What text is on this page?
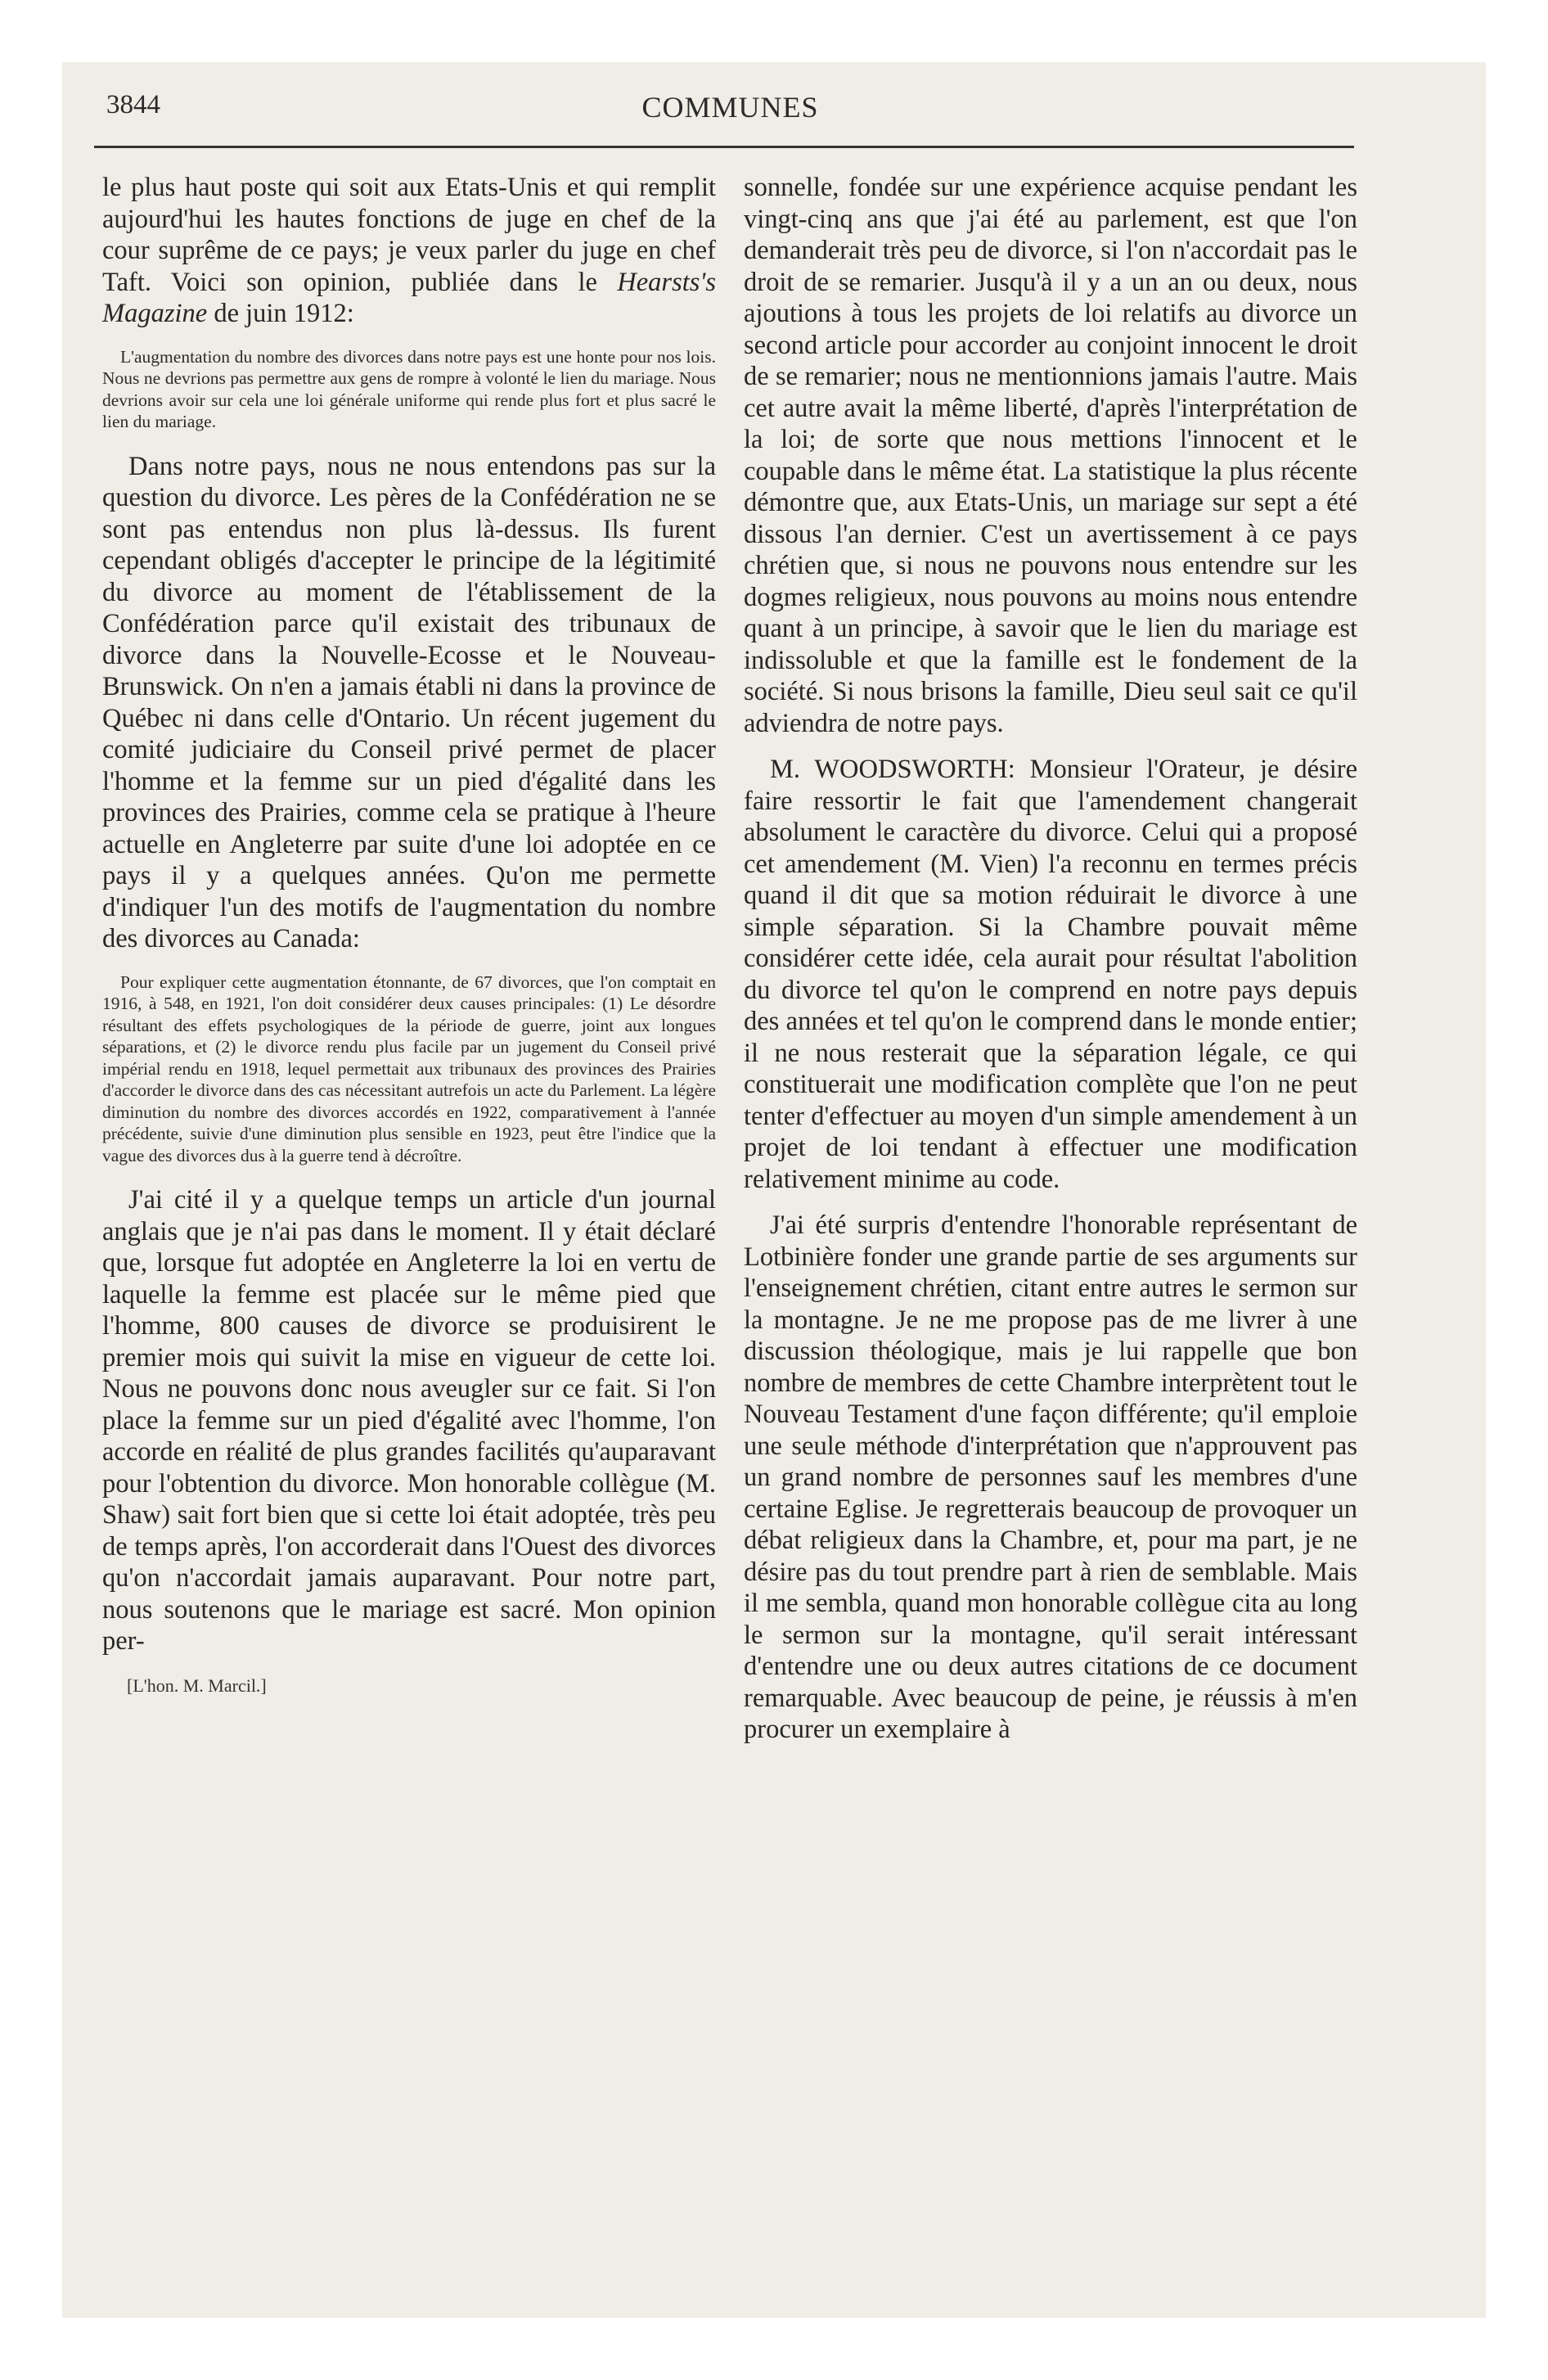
3844	COMMUNES

le plus haut poste qui soit aux Etats-Unis et qui remplit aujourd'hui les hautes fonctions de juge en chef de la cour suprême de ce pays; je veux parler du juge en chef Taft. Voici son opinion, publiée dans le Hearsts's Magazine de juin 1912:

L'augmentation du nombre des divorces dans notre pays est une honte pour nos lois. Nous ne devrions pas permettre aux gens de rompre à volonté le lien du mariage. Nous devrions avoir sur cela une loi générale uniforme qui rende plus fort et plus sacré le lien du mariage.

Dans notre pays, nous ne nous entendons pas sur la question du divorce. Les pères de la Confédération ne se sont pas entendus non plus là-dessus. Ils furent cependant obligés d'accepter le principe de la légitimité du divorce au moment de l'établissement de la Confédération parce qu'il existait des tribunaux de divorce dans la Nouvelle-Ecosse et le Nouveau-Brunswick. On n'en a jamais établi ni dans la province de Québec ni dans celle d'Ontario. Un récent jugement du comité judiciaire du Conseil privé permet de placer l'homme et la femme sur un pied d'égalité dans les provinces des Prairies, comme cela se pratique à l'heure actuelle en Angleterre par suite d'une loi adoptée en ce pays il y a quelques années. Qu'on me permette d'indiquer l'un des motifs de l'augmentation du nombre des divorces au Canada:

Pour expliquer cette augmentation étonnante, de 67 divorces, que l'on comptait en 1916, à 548, en 1921, l'on doit considérer deux causes principales: (1) Le désordre résultant des effets psychologiques de la période de guerre, joint aux longues séparations, et (2) le divorce rendu plus facile par un jugement du Conseil privé impérial rendu en 1918, lequel permettait aux tribunaux des provinces des Prairies d'accorder le divorce dans des cas nécessitant autrefois un acte du Parlement. La légère diminution du nombre des divorces accordés en 1922, comparativement à l'année précédente, suivie d'une diminution plus sensible en 1923, peut être l'indice que la vague des divorces dus à la guerre tend à décroître.

J'ai cité il y a quelque temps un article d'un journal anglais que je n'ai pas dans le moment. Il y était déclaré que, lorsque fut adoptée en Angleterre la loi en vertu de laquelle la femme est placée sur le même pied que l'homme, 800 causes de divorce se produisirent le premier mois qui suivit la mise en vigueur de cette loi. Nous ne pouvons donc nous aveugler sur ce fait. Si l'on place la femme sur un pied d'égalité avec l'homme, l'on accorde en réalité de plus grandes facilités qu'auparavant pour l'obtention du divorce. Mon honorable collègue (M. Shaw) sait fort bien que si cette loi était adoptée, très peu de temps après, l'on accorderait dans l'Ouest des divorces qu'on n'accordait jamais auparavant. Pour notre part, nous soutenons que le mariage est sacré. Mon opinion per-

[L'hon. M. Marcil.]

sonnelle, fondée sur une expérience acquise pendant les vingt-cinq ans que j'ai été au parlement, est que l'on demanderait très peu de divorce, si l'on n'accordait pas le droit de se remarier. Jusqu'à il y a un an ou deux, nous ajoutions à tous les projets de loi relatifs au divorce un second article pour accorder au conjoint innocent le droit de se remarier; nous ne mentionnions jamais l'autre. Mais cet autre avait la même liberté, d'après l'interprétation de la loi; de sorte que nous mettions l'innocent et le coupable dans le même état. La statistique la plus récente démontre que, aux Etats-Unis, un mariage sur sept a été dissous l'an dernier. C'est un avertissement à ce pays chrétien que, si nous ne pouvons nous entendre sur les dogmes religieux, nous pouvons au moins nous entendre quant à un principe, à savoir que le lien du mariage est indissoluble et que la famille est le fondement de la société. Si nous brisons la famille, Dieu seul sait ce qu'il adviendra de notre pays.

M. WOODSWORTH: Monsieur l'Orateur, je désire faire ressortir le fait que l'amendement changerait absolument le caractère du divorce. Celui qui a proposé cet amendement (M. Vien) l'a reconnu en termes précis quand il dit que sa motion réduirait le divorce à une simple séparation. Si la Chambre pouvait même considérer cette idée, cela aurait pour résultat l'abolition du divorce tel qu'on le comprend en notre pays depuis des années et tel qu'on le comprend dans le monde entier; il ne nous resterait que la séparation légale, ce qui constituerait une modification complète que l'on ne peut tenter d'effectuer au moyen d'un simple amendement à un projet de loi tendant à effectuer une modification relativement minime au code.

J'ai été surpris d'entendre l'honorable représentant de Lotbinière fonder une grande partie de ses arguments sur l'enseignement chrétien, citant entre autres le sermon sur la montagne. Je ne me propose pas de me livrer à une discussion théologique, mais je lui rappelle que bon nombre de membres de cette Chambre interprètent tout le Nouveau Testament d'une façon différente; qu'il emploie une seule méthode d'interprétation que n'approuvent pas un grand nombre de personnes sauf les membres d'une certaine Eglise. Je regretterais beaucoup de provoquer un débat religieux dans la Chambre, et, pour ma part, je ne désire pas du tout prendre part à rien de semblable. Mais il me sembla, quand mon honorable collègue cita au long le sermon sur la montagne, qu'il serait intéressant d'entendre une ou deux autres citations de ce document remarquable. Avec beaucoup de peine, je réussis à m'en procurer un exemplaire à
